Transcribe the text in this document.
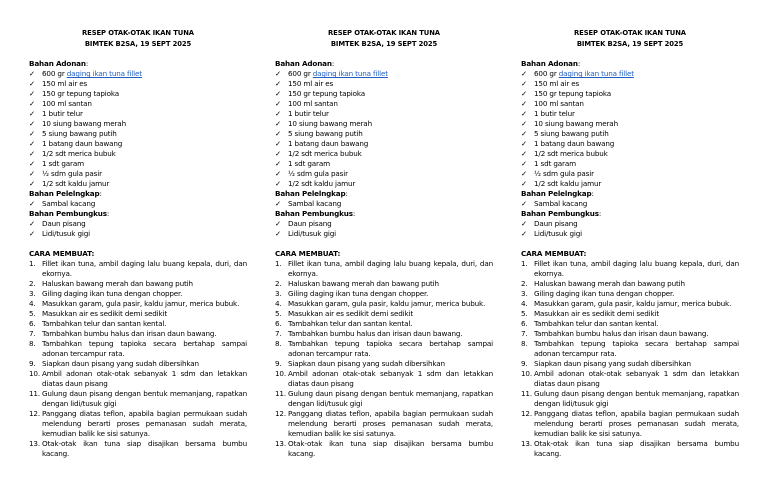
RESEP OTAK-OTAK IKAN TUNA
BIMTEK B2SA, 19 SEPT 2025
Bahan Adonan:
✓ 600 gr daging ikan tuna fillet
✓ 150 ml air es
✓ 150 gr tepung tapioka
✓ 100 ml santan
✓ 1 butir telur
✓ 10 siung bawang merah
✓ 5 siung bawang putih
✓ 1 batang daun bawang
✓ 1/2 sdt merica bubuk
✓ 1 sdt garam
✓ ½ sdm gula pasir
✓ 1/2 sdt kaldu jamur
Bahan Pelelngkap:
✓ Sambal kacang
Bahan Pembungkus:
✓ Daun pisang
✓ Lidi/tusuk gigi
CARA MEMBUAT:
1. Fillet ikan tuna, ambil daging lalu buang kepala, duri, dan ekornya.
2. Haluskan bawang merah dan bawang putih
3. Giling daging ikan tuna dengan chopper.
4. Masukkan garam, gula pasir, kaldu jamur, merica bubuk.
5. Masukkan air es sedikit demi sedikit
6. Tambahkan telur dan santan kental.
7. Tambahkan bumbu halus dan irisan daun bawang.
8. Tambahkan tepung tapioka secara bertahap sampai adonan tercampur rata.
9. Siapkan daun pisang yang sudah dibersihkan
10. Ambil adonan otak-otak sebanyak 1 sdm dan letakkan diatas daun pisang
11. Gulung daun pisang dengan bentuk memanjang, rapatkan dengan lidi/tusuk gigi
12. Panggang diatas teflon, apabila bagian permukaan sudah melendung berarti proses pemanasan sudah merata, kemudian balik ke sisi satunya.
13. Otak-otak ikan tuna siap disajikan bersama bumbu kacang.
RESEP OTAK-OTAK IKAN TUNA
BIMTEK B2SA, 19 SEPT 2025
Bahan Adonan:
✓ 600 gr daging ikan tuna fillet
✓ 150 ml air es
✓ 150 gr tepung tapioka
✓ 100 ml santan
✓ 1 butir telur
✓ 10 siung bawang merah
✓ 5 siung bawang putih
✓ 1 batang daun bawang
✓ 1/2 sdt merica bubuk
✓ 1 sdt garam
✓ ½ sdm gula pasir
✓ 1/2 sdt kaldu jamur
Bahan Pelelngkap:
✓ Sambal kacang
Bahan Pembungkus:
✓ Daun pisang
✓ Lidi/tusuk gigi
CARA MEMBUAT:
1. Fillet ikan tuna, ambil daging lalu buang kepala, duri, dan ekornya.
2. Haluskan bawang merah dan bawang putih
3. Giling daging ikan tuna dengan chopper.
4. Masukkan garam, gula pasir, kaldu jamur, merica bubuk.
5. Masukkan air es sedikit demi sedikit
6. Tambahkan telur dan santan kental.
7. Tambahkan bumbu halus dan irisan daun bawang.
8. Tambahkan tepung tapioka secara bertahap sampai adonan tercampur rata.
9. Siapkan daun pisang yang sudah dibersihkan
10. Ambil adonan otak-otak sebanyak 1 sdm dan letakkan diatas daun pisang
11. Gulung daun pisang dengan bentuk memanjang, rapatkan dengan lidi/tusuk gigi
12. Panggang diatas teflon, apabila bagian permukaan sudah melendung berarti proses pemanasan sudah merata, kemudian balik ke sisi satunya.
13. Otak-otak ikan tuna siap disajikan bersama bumbu kacang.
RESEP OTAK-OTAK IKAN TUNA
BIMTEK B2SA, 19 SEPT 2025
Bahan Adonan:
✓ 600 gr daging ikan tuna fillet
✓ 150 ml air es
✓ 150 gr tepung tapioka
✓ 100 ml santan
✓ 1 butir telur
✓ 10 siung bawang merah
✓ 5 siung bawang putih
✓ 1 batang daun bawang
✓ 1/2 sdt merica bubuk
✓ 1 sdt garam
✓ ½ sdm gula pasir
✓ 1/2 sdt kaldu jamur
Bahan Pelelngkap:
✓ Sambal kacang
Bahan Pembungkus:
✓ Daun pisang
✓ Lidi/tusuk gigi
CARA MEMBUAT:
1. Fillet ikan tuna, ambil daging lalu buang kepala, duri, dan ekornya.
2. Haluskan bawang merah dan bawang putih
3. Giling daging ikan tuna dengan chopper.
4. Masukkan garam, gula pasir, kaldu jamur, merica bubuk.
5. Masukkan air es sedikit demi sedikit
6. Tambahkan telur dan santan kental.
7. Tambahkan bumbu halus dan irisan daun bawang.
8. Tambahkan tepung tapioka secara bertahap sampai adonan tercampur rata.
9. Siapkan daun pisang yang sudah dibersihkan
10. Ambil adonan otak-otak sebanyak 1 sdm dan letakkan diatas daun pisang
11. Gulung daun pisang dengan bentuk memanjang, rapatkan dengan lidi/tusuk gigi
12. Panggang diatas teflon, apabila bagian permukaan sudah melendung berarti proses pemanasan sudah merata, kemudian balik ke sisi satunya.
13. Otak-otak ikan tuna siap disajikan bersama bumbu kacang.
